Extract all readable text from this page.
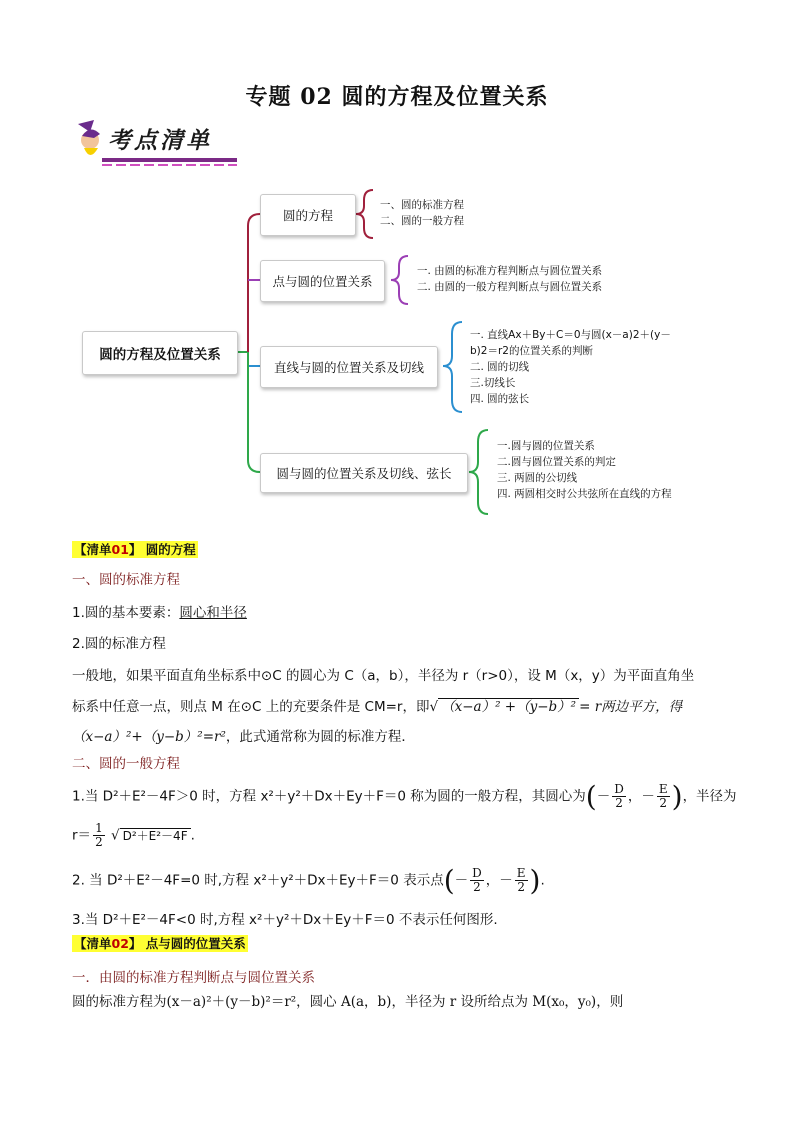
专题 02 圆的方程及位置关系
考点清单
圆的方程及位置关系
圆的方程
点与圆的位置关系
直线与圆的位置关系及切线
圆与圆的位置关系及切线、弦长
一、圆的标准方程
二、圆的一般方程
一. 由圆的标准方程判断点与圆位置关系
二. 由圆的一般方程判断点与圆位置关系
一. 直线Ax＋By＋C＝0与圆(x－a)2＋(y－
b)2＝r2的位置关系的判断
二. 圆的切线
三.切线长
四. 圆的弦长
一.圆与圆的位置关系
二.圆与圆位置关系的判定
三. 两圆的公切线
四. 两圆相交时公共弦所在直线的方程
【清单01】 圆的方程
一、圆的标准方程
1.圆的基本要素：圆心和半径
2.圆的标准方程
一般地，如果平面直角坐标系中⊙C 的圆心为 C（a，b），半径为 r（r>0），设 M（x，y）为平面直角坐
标系中任意一点，则点 M 在⊙C 上的充要条件是 CM=r，即√ （x−a）² +（y−b）² = r两边平方，得
（x−a）²+（y−b）²=r²，此式通常称为圆的标准方程．
二、圆的一般方程
1.当 D²＋E²－4F＞0 时，方程 x²＋y²＋Dx＋Ey＋F＝0 称为圆的一般方程，其圆心为(－ $\frac{D}{2}$ ，－ $\frac{E}{2}$ )，半径为
$r= \frac{1}{2}$ √ D²＋E²－4F .
2. 当 D²＋E²－4F=0 时,方程 x²＋y²＋Dx＋Ey＋F＝0 表示点(－ $\frac{D}{2}$ ，－ $\frac{E}{2}$ ).
3.当 D²＋E²－4F<0 时,方程 x²＋y²＋Dx＋Ey＋F＝0 不表示任何图形.
【清单02】 点与圆的位置关系
一．由圆的标准方程判断点与圆位置关系
圆的标准方程为(x－a)²＋(y－b)²＝r²，圆心 A(a，b)，半径为 r 设所给点为 M(x₀，y₀)，则
